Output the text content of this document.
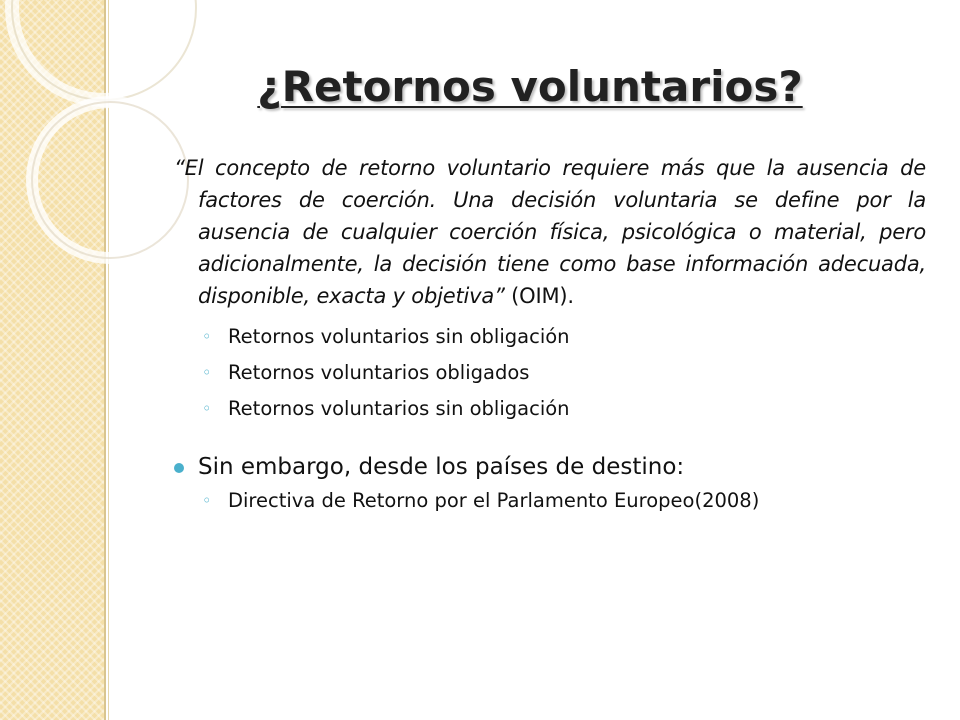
¿Retornos voluntarios?

“El concepto de retorno voluntario requiere más que la ausencia de factores de coerción. Una decisión voluntaria se define por la ausencia de cualquier coerción física, psicológica o material, pero adicionalmente, la decisión tiene como base información adecuada, disponible, exacta y objetiva” (OIM).

◦ Retornos voluntarios sin obligación
◦ Retornos voluntarios obligados
◦ Retornos voluntarios sin obligación
Sin embargo, desde los países de destino:
◦ Directiva de Retorno por el Parlamento Europeo(2008)
